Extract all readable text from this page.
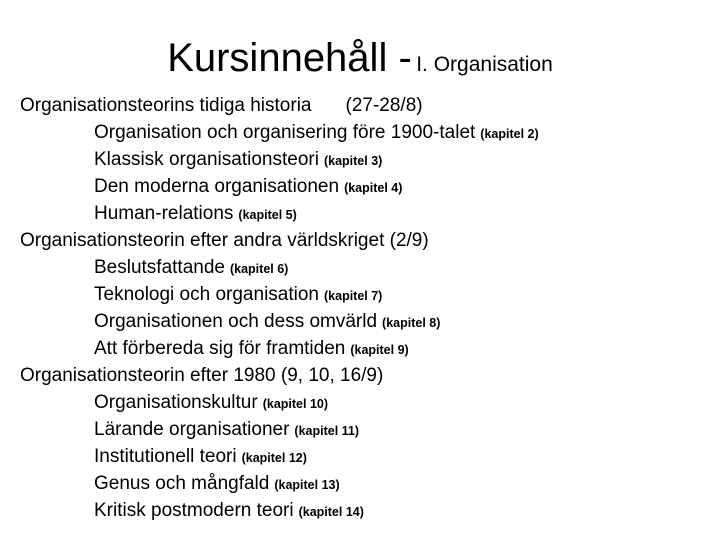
Kursinnehåll - I. Organisation
Organisationsteorins tidiga historia (27-28/8)
Organisation och organisering före 1900-talet (kapitel 2)
Klassisk organisationsteori (kapitel 3)
Den moderna organisationen (kapitel 4)
Human-relations (kapitel 5)
Organisationsteorin efter andra världskriget (2/9)
Beslutsfattande (kapitel 6)
Teknologi och organisation (kapitel 7)
Organisationen och dess omvärld (kapitel 8)
Att förbereda sig för framtiden (kapitel 9)
Organisationsteorin efter 1980 (9, 10, 16/9)
Organisationskultur (kapitel 10)
Lärande organisationer (kapitel 11)
Institutionell teori (kapitel 12)
Genus och mångfald (kapitel 13)
Kritisk postmodern teori (kapitel 14)
